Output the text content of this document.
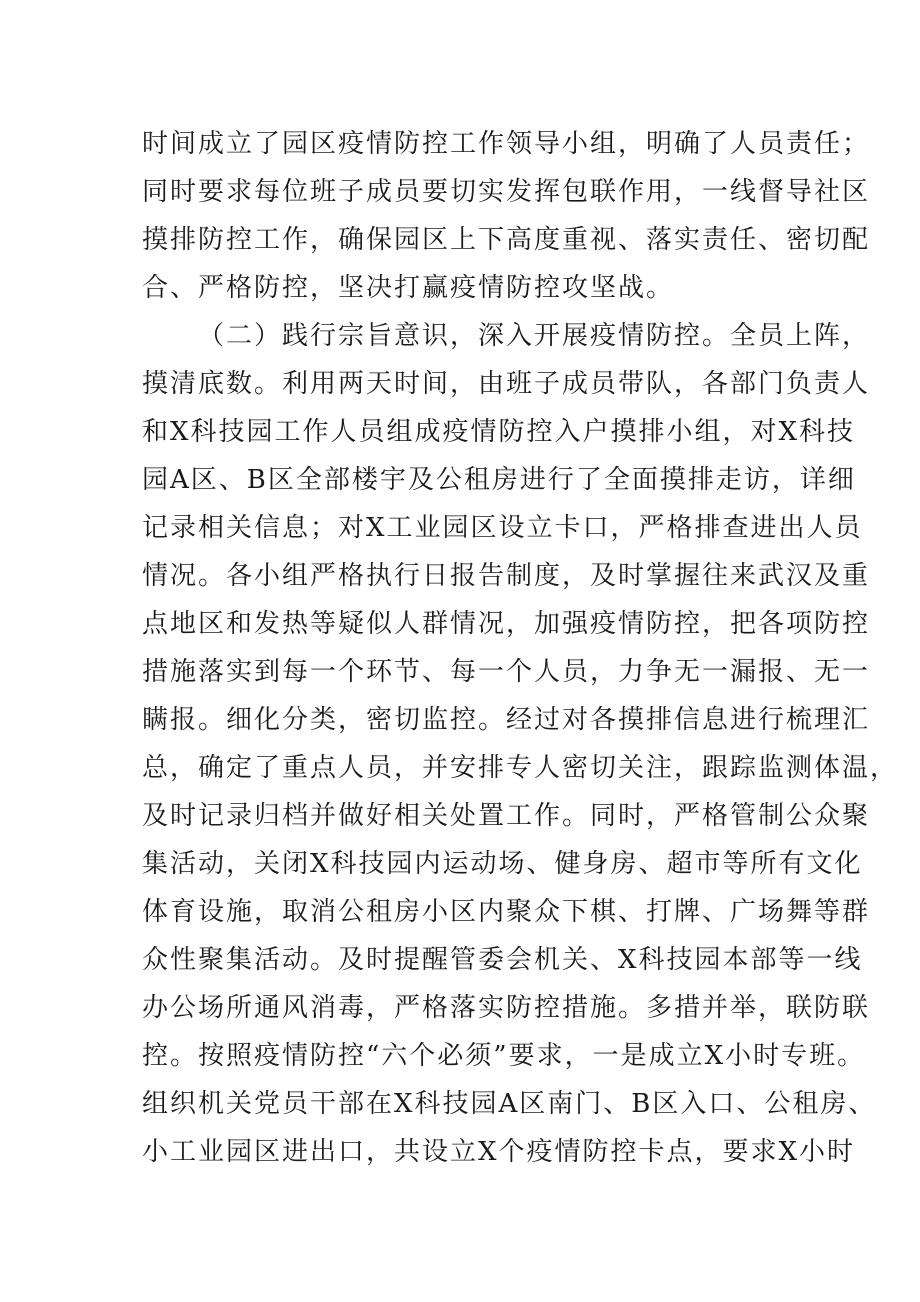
时间成立了园区疫情防控工作领导小组，明确了人员责任；
同时要求每位班子成员要切实发挥包联作用，一线督导社区
摸排防控工作，确保园区上下高度重视、落实责任、密切配
合、严格防控，坚决打赢疫情防控攻坚战。
（二）践行宗旨意识，深入开展疫情防控。全员上阵，
摸清底数。利用两天时间，由班子成员带队，各部门负责人
和X科技园工作人员组成疫情防控入户摸排小组，对X科技
园A区、B区全部楼宇及公租房进行了全面摸排走访，详细
记录相关信息；对X工业园区设立卡口，严格排查进出人员
情况。各小组严格执行日报告制度，及时掌握往来武汉及重
点地区和发热等疑似人群情况，加强疫情防控，把各项防控
措施落实到每一个环节、每一个人员，力争无一漏报、无一
瞒报。细化分类，密切监控。经过对各摸排信息进行梳理汇
总，确定了重点人员，并安排专人密切关注，跟踪监测体温，
及时记录归档并做好相关处置工作。同时，严格管制公众聚
集活动，关闭X科技园内运动场、健身房、超市等所有文化
体育设施，取消公租房小区内聚众下棋、打牌、广场舞等群
众性聚集活动。及时提醒管委会机关、X科技园本部等一线
办公场所通风消毒，严格落实防控措施。多措并举，联防联
控。按照疫情防控“六个必须”要求，一是成立X小时专班。
组织机关党员干部在X科技园A区南门、B区入口、公租房、
小工业园区进出口，共设立X个疫情防控卡点，要求X小时
